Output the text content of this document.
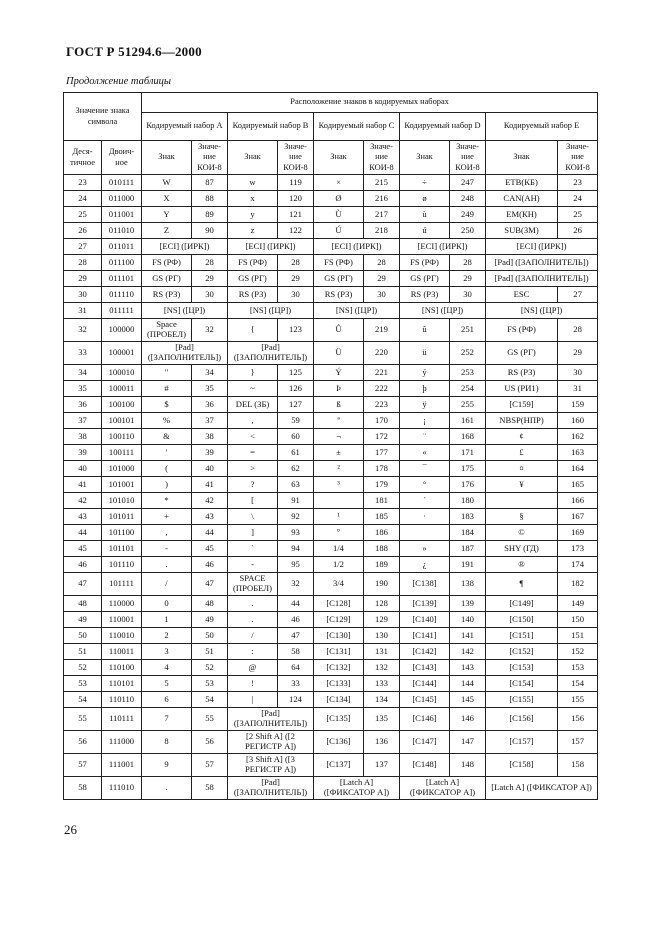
ГОСТ Р 51294.6—2000
Продолжение таблицы
Значение знака символа		Расположение знаков в кодируемых наборах									
		Кодируемый набор A		Кодируемый набор B		Кодируемый набор C		Кодируемый набор D		Кодируемый набор E	
Деся-тичное	Двоич-ное	Знак	Значе-ние КОИ-8	Знак	Значе-ние КОИ-8	Знак	Значе-ние КОИ-8	Знак	Значе-ние КОИ-8	Знак	Значе-ние КОИ-8
23	010111	W	87	w	119	×	215	÷	247	ETB(КБ)	23
24	011000	X	88	x	120	Ø	216	ø	248	CAN(АН)	24
25	011001	Y	89	y	121	Ù	217	ù	249	EM(КН)	25
26	011010	Z	90	z	122	Ú	218	ú	250	SUB(ЗМ)	26
27	011011	[ECI] ([ИРК])		[ECI] ([ИРК])		[ECI] ([ИРК])		[ECI] ([ИРК])		[ECI] ([ИРК])	
28	011100	FS (РФ)	28	FS (РФ)	28	FS (РФ)	28	FS (РФ)	28	[Pad] ([ЗАПОЛНИТЕЛЬ])	
29	011101	GS (РГ)	29	GS (РГ)	29	GS (РГ)	29	GS (РГ)	29	[Pad] ([ЗАПОЛНИТЕЛЬ])	
30	011110	RS (РЗ)	30	RS (РЗ)	30	RS (РЗ)	30	RS (РЗ)	30	ESC	27
31	011111	[NS] ([ЦР])		[NS] ([ЦР])		[NS] ([ЦР])		[NS] ([ЦР])		[NS] ([ЦР])	
32	100000	Space (ПРОБЕЛ)	32	{	123	Û	219	û	251	FS (РФ)	28
33	100001	[Pad] ([ЗАПОЛНИТЕЛЬ])		[Pad] ([ЗАПОЛНИТЕЛЬ])		Ü	220	ü	252	GS (РГ)	29
34	100010	"	34	}	125	Ý	221	ý	253	RS (РЗ)	30
35	100011	#	35	~	126	Þ	222	þ	254	US (РИ1)	31
36	100100	$	36	DEL (ЗБ)	127	ß	223	ÿ	255	[C159]	159
37	100101	%	37	,	59	ª	170	¡	161	NBSP(НПР)	160
38	100110	&	38	<	60	¬	172	¨	168	¢	162
39	100111	'	39	=	61	±	177	«	171	£	163
40	101000	(	40	>	62	²	178	¯	175	¤	164
41	101001	)	41	?	63	³	179	°	176	¥	165
42	101010	*	42	[	91		181	´	180		166
43	101011	+	43	\	92	¹	185	·	183	§	167
44	101100	,	44	]	93	º	186		184	©	169
45	101101	-	45	`	94	1/4	188	»	187	SHY (ГД)	173
46	101110	.	46	-	95	1/2	189	¿	191	®	174
47	101111	/	47	SPACE (ПРОБЕЛ)	32	3/4	190	[C138]	138	¶	182
48	110000	0	48	.	44	[C128]	128	[C139]	139	[C149]	149
49	110001	1	49	.	46	[C129]	129	[C140]	140	[C150]	150
50	110010	2	50	/	47	[C130]	130	[C141]	141	[C151]	151
51	110011	3	51	:	58	[C131]	131	[C142]	142	[C152]	152
52	110100	4	52	@	64	[C132]	132	[C143]	143	[C153]	153
53	110101	5	53	!	33	[C133]	133	[C144]	144	[C154]	154
54	110110	6	54	|	124	[C134]	134	[C145]	145	[C155]	155
55	110111	7	55	[Pad] ([ЗАПОЛНИТЕЛЬ])		[C135]	135	[C146]	146	[C156]	156
56	111000	8	56	[2 Shift A] ([2 РЕГИСТР А])		[C136]	136	[C147]	147	[C157]	157
57	111001	9	57	[3 Shift A] ([3 РЕГИСТР А])		[C137]	137	[C148]	148	[C158]	158
58	111010	.	58	[Pad] ([ЗАПОЛНИТЕЛЬ])		[Latch A] ([ФИКСАТОР А])		[Latch A] ([ФИКСАТОР А])		[Latch A] ([ФИКСАТОР А])	
26
